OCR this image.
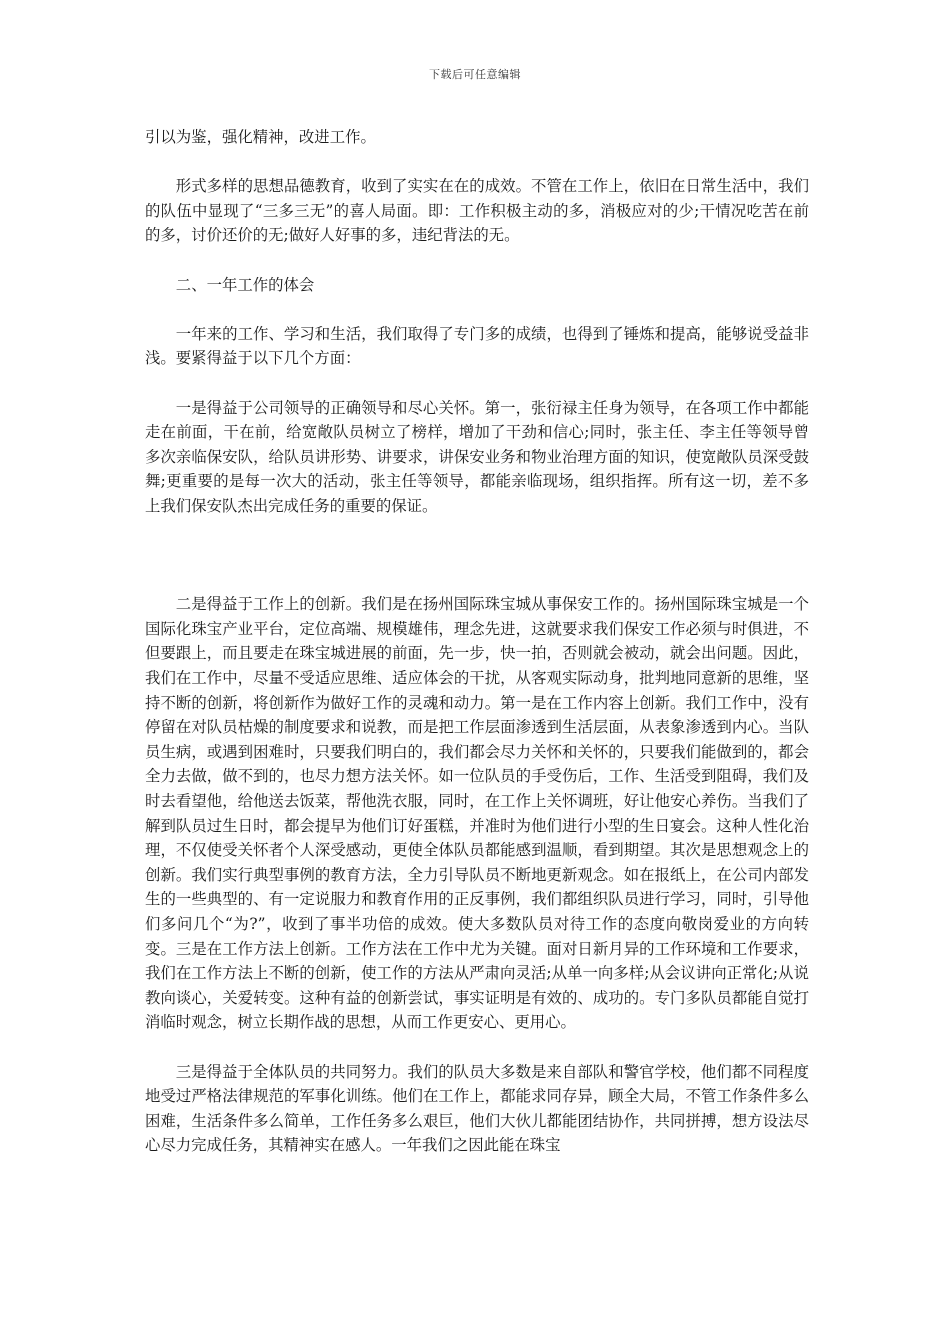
下载后可任意编辑

引以为鉴，强化精神，改进工作。

形式多样的思想品德教育，收到了实实在在的成效。不管在工作上，依旧在日常生活中，我们的队伍中显现了“三多三无”的喜人局面。即：工作积极主动的多，消极应对的少;干情况吃苦在前的多，讨价还价的无;做好人好事的多，违纪背法的无。

二、一年工作的体会

一年来的工作、学习和生活，我们取得了专门多的成绩，也得到了锤炼和提高，能够说受益非浅。要紧得益于以下几个方面：

一是得益于公司领导的正确领导和尽心关怀。第一，张衍禄主任身为领导，在各项工作中都能走在前面，干在前，给宽敞队员树立了榜样，增加了干劲和信心;同时，张主任、李主任等领导曾多次亲临保安队，给队员讲形势、讲要求，讲保安业务和物业治理方面的知识，使宽敞队员深受鼓舞;更重要的是每一次大的活动，张主任等领导，都能亲临现场，组织指挥。所有这一切，差不多上我们保安队杰出完成任务的重要的保证。

二是得益于工作上的创新。我们是在扬州国际珠宝城从事保安工作的。扬州国际珠宝城是一个国际化珠宝产业平台，定位高端、规模雄伟，理念先进，这就要求我们保安工作必须与时俱进，不但要跟上，而且要走在珠宝城进展的前面，先一步，快一拍，否则就会被动，就会出问题。因此，我们在工作中，尽量不受适应思维、适应体会的干扰，从客观实际动身，批判地同意新的思维，坚持不断的创新，将创新作为做好工作的灵魂和动力。第一是在工作内容上创新。我们工作中，没有停留在对队员枯燥的制度要求和说教，而是把工作层面渗透到生活层面，从表象渗透到内心。当队员生病，或遇到困难时，只要我们明白的，我们都会尽力关怀和关怀的，只要我们能做到的，都会全力去做，做不到的，也尽力想方法关怀。如一位队员的手受伤后，工作、生活受到阻碍，我们及时去看望他，给他送去饭菜，帮他洗衣服，同时，在工作上关怀调班，好让他安心养伤。当我们了解到队员过生日时，都会提早为他们订好蛋糕，并准时为他们进行小型的生日宴会。这种人性化治理，不仅使受关怀者个人深受感动，更使全体队员都能感到温顺，看到期望。其次是思想观念上的创新。我们实行典型事例的教育方法，全力引导队员不断地更新观念。如在报纸上，在公司内部发生的一些典型的、有一定说服力和教育作用的正反事例，我们都组织队员进行学习，同时，引导他们多问几个“为?”，收到了事半功倍的成效。使大多数队员对待工作的态度向敬岗爱业的方向转变。三是在工作方法上创新。工作方法在工作中尤为关键。面对日新月异的工作环境和工作要求，我们在工作方法上不断的创新，使工作的方法从严肃向灵活;从单一向多样;从会议讲向正常化;从说教向谈心，关爱转变。这种有益的创新尝试，事实证明是有效的、成功的。专门多队员都能自觉打消临时观念，树立长期作战的思想，从而工作更安心、更用心。

三是得益于全体队员的共同努力。我们的队员大多数是来自部队和警官学校，他们都不同程度地受过严格法律规范的军事化训练。他们在工作上，都能求同存异，顾全大局，不管工作条件多么困难，生活条件多么简单，工作任务多么艰巨，他们大伙儿都能团结协作，共同拼搏，想方设法尽心尽力完成任务，其精神实在感人。一年我们之因此能在珠宝
